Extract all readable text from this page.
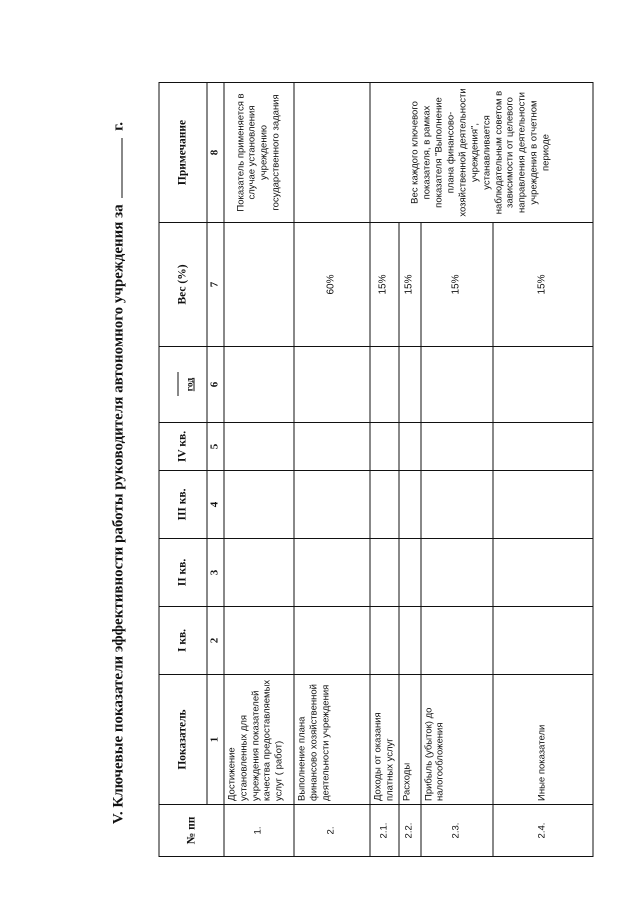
V. Ключевые показатели эффективности работы руководителя автономного учреждения за  г.
№ пп	Показатель	I кв.	II кв.	III кв.	IV кв.	год	Вес (%)	Примечание
	1	2	3	4	5	6	7	8
1.	Достижение установленных для учреждения показателей качества предоставляемых услуг ( работ)							Показатель применяется в случае установления учреждению государственного задания
2.	Выполнение плана финансово хозяйственной деятельности учреждения						60%	
2.1.	Доходы от оказания платных услуг						15%	Вес каждого ключевого показателя, в рамках показателя "Выполнение плана финансово-хозяйственной деятельности учреждения", устанавливается наблюдательным советом в зависимости от целевого направления деятельности учреждения в отчетном периоде
2.2.	Расходы						15%	
2.3.	Прибыль (убыток) до налогообложения						15%	
2.4.	Иные показатели						15%	
